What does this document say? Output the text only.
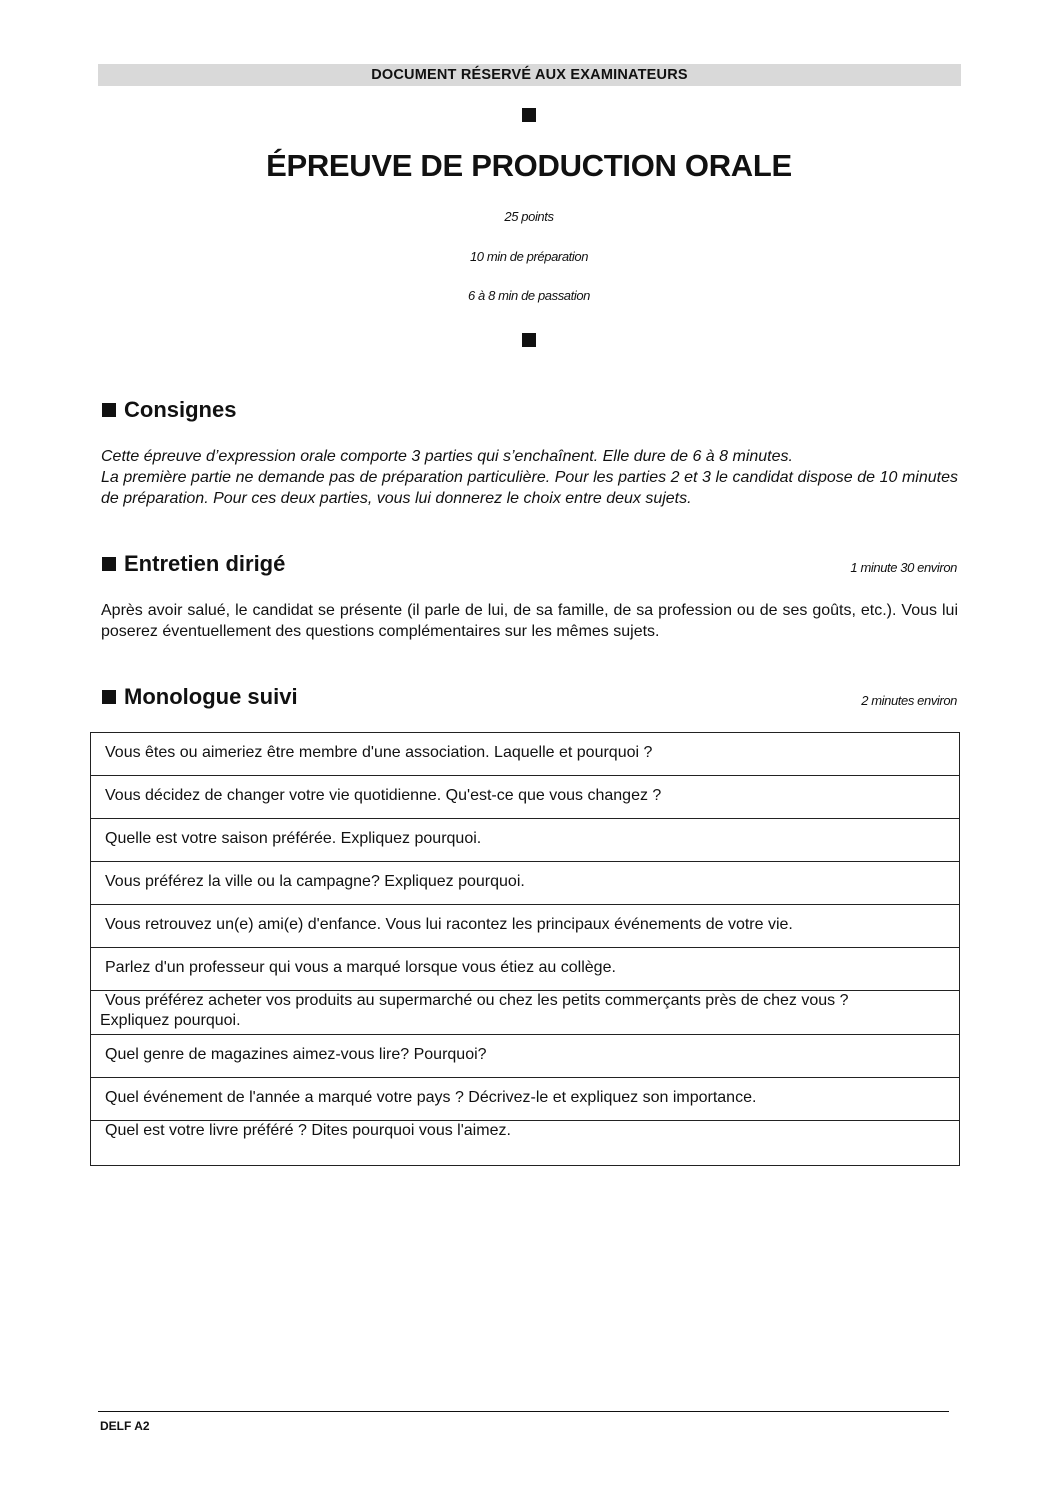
DOCUMENT RÉSERVÉ AUX EXAMINATEURS
ÉPREUVE DE PRODUCTION ORALE
25 points
10 min de préparation
6 à 8 min de passation
Consignes

Cette épreuve d’expression orale comporte 3 parties qui s’enchaînent. Elle dure de 6 à 8 minutes.

La première partie ne demande pas de préparation particulière. Pour les parties 2 et 3 le candidat dispose de 10 minutes de préparation. Pour ces deux parties, vous lui donnerez le choix entre deux sujets.

Entretien dirigé	1 minute 30 environ

Après avoir salué, le candidat se présente (il parle de lui, de sa famille, de sa profession ou de ses goûts, etc.). Vous lui poserez éventuellement des questions complémentaires sur les mêmes sujets.

Monologue suivi	2 minutes environ
Vous êtes ou aimeriez être membre d'une association. Laquelle et pourquoi ?
Vous décidez de changer votre vie quotidienne. Qu'est-ce que vous changez ?
Quelle est votre saison préférée. Expliquez pourquoi.
Vous préférez la ville ou la campagne? Expliquez pourquoi.
Vous retrouvez un(e) ami(e) d'enfance. Vous lui racontez les principaux événements de votre vie.
Parlez d'un professeur qui vous a marqué lorsque vous étiez au collège.
Vous préférez acheter vos produits au supermarché ou chez les petits commerçants près de chez vous ?
Expliquez pourquoi.
Quel genre de magazines aimez-vous lire? Pourquoi?
Quel événement de l'année a marqué votre pays ? Décrivez-le et expliquez son importance.
Quel est votre livre préféré ? Dites pourquoi vous l'aimez.
DELF A2
